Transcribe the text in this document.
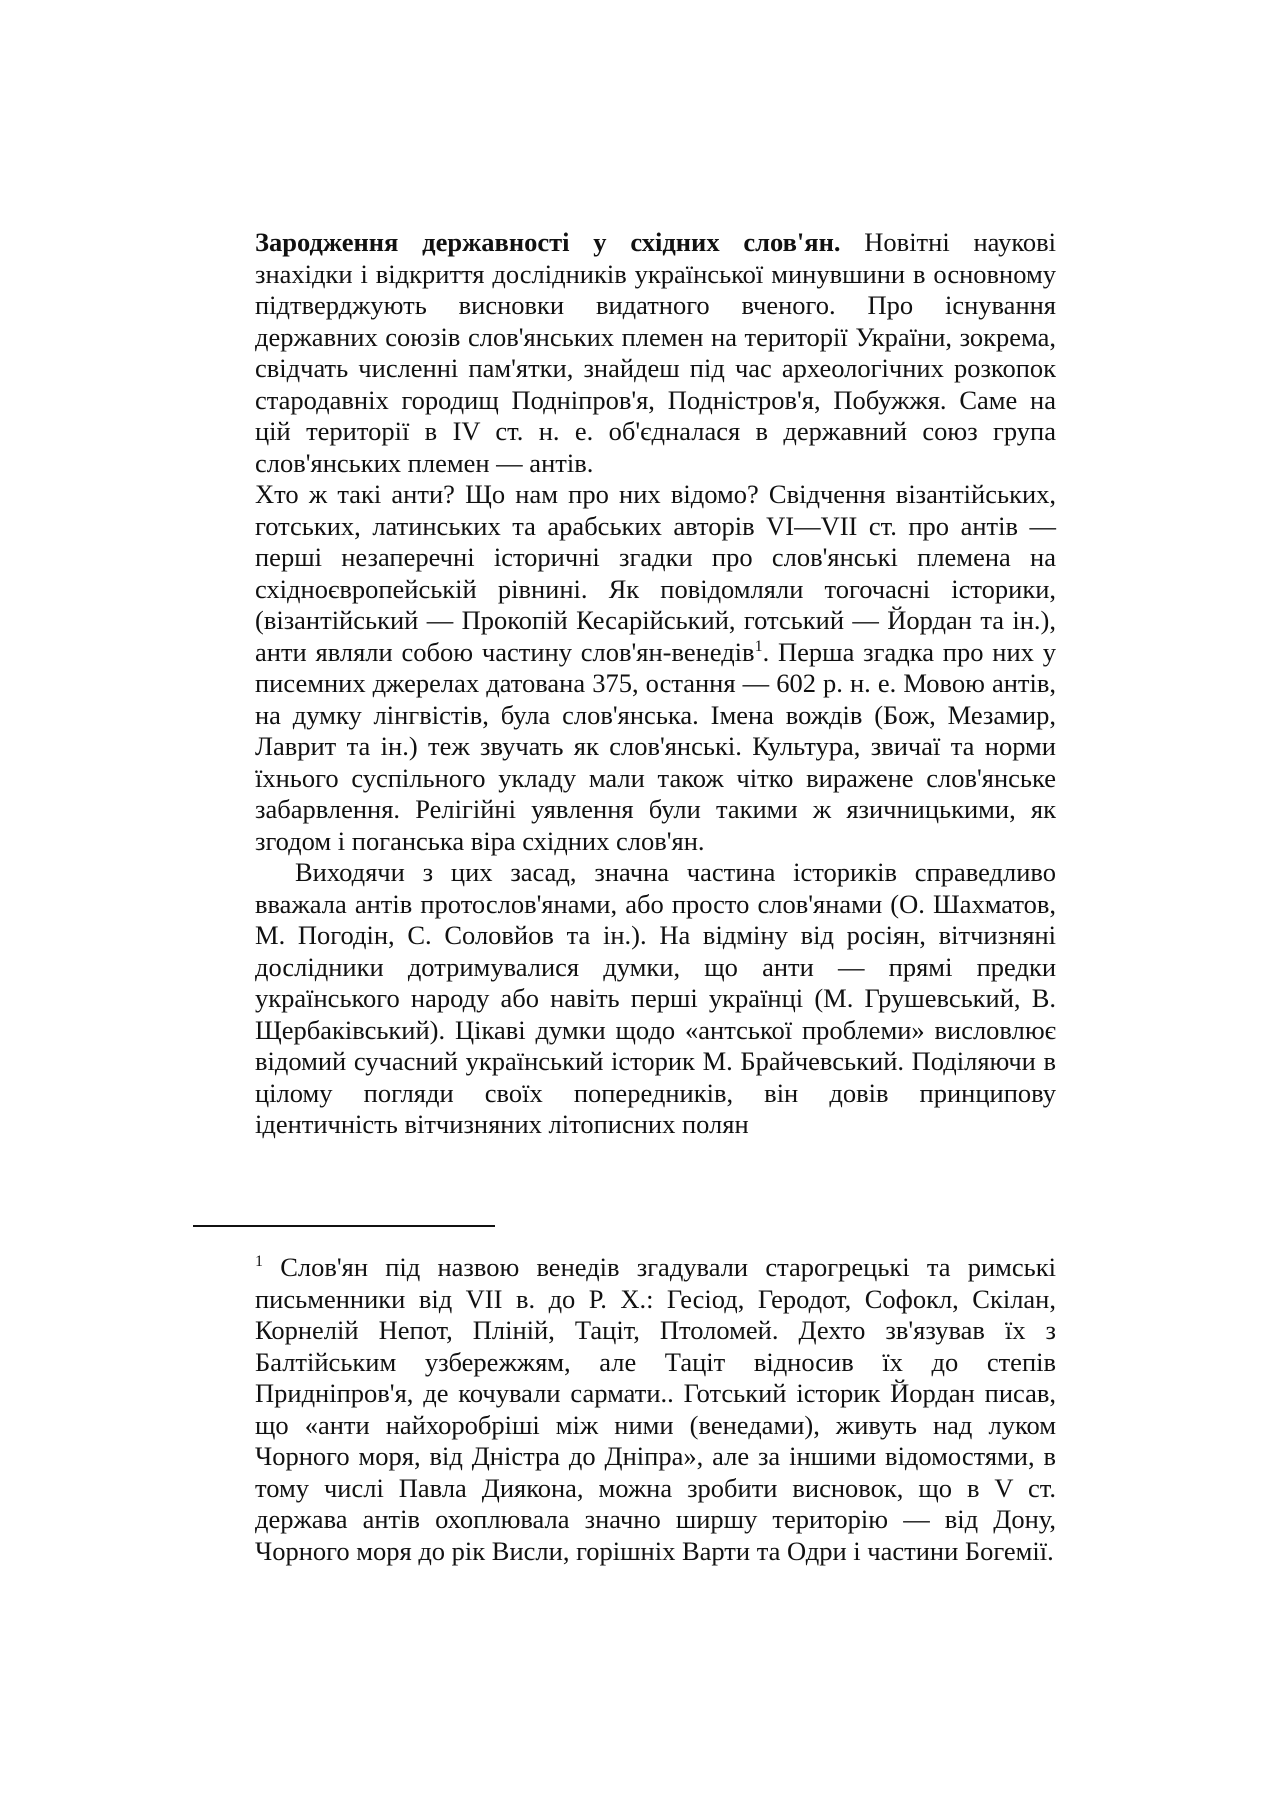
Зародження державності у східних слов'ян. Новітні наукові знахідки і відкриття дослідників української минувшини в основному підтверджують висновки видатного вченого. Про існування державних союзів слов'янських племен на території України, зокрема, свідчать численні пам'ятки, знайдеш під час археологічних розкопок стародавніх городищ Подніпров'я, Подністров'я, Побужжя. Саме на цій території в IV ст. н. е. об'єдналася в державний союз група слов'янських племен — антів.

Хто ж такі анти? Що нам про них відомо? Свідчення візантійських, готських, латинських та арабських авторів VI—VII ст. про антів — перші незаперечні історичні згадки про слов'янські племена на східноєвропейській рівнині. Як повідомляли тогочасні історики, (візантійський — Прокопій Кесарійський, готський — Йордан та ін.), анти являли собою частину слов'ян-венедів$^1$. Перша згадка про них у писемних джерелах датована 375, остання — 602 р. н. е. Мовою антів, на думку лінгвістів, була слов'янська. Імена вождів (Бож, Мезамир, Лаврит та ін.) теж звучать як слов'янські. Культура, звичаї та норми їхнього суспільного укладу мали також чітко виражене слов'янське забарвлення. Релігійні уявлення були такими ж язичницькими, як згодом і поганська віра східних слов'ян.

Виходячи з цих засад, значна частина істориків справедливо вважала антів протослов'янами, або просто слов'янами (О. Шахматов, М. Погодін, С. Соловйов та ін.). На відміну від росіян, вітчизняні дослідники дотримувалися думки, що анти — прямі предки українського народу або навіть перші українці (М. Грушевський, В. Щербаківський). Цікаві думки щодо «антської проблеми» висловлює відомий сучасний український історик М. Брайчевський. Поділяючи в цілому погляди своїх попередників, він довів принципову ідентичність вітчизняних літописних полян

$^1$ Слов'ян під назвою венедів згадували старогрецькі та римські письменники від VII в. до Р. Х.: Гесіод, Геродот, Софокл, Скілан, Корнелій Непот, Пліній, Таціт, Птоломей. Дехто зв'язував їх з Балтійським узбережжям, але Таціт відносив їх до степів Придніпров'я, де кочували сармати.. Готський історик Йордан писав, що «анти найхоробріші між ними (венедами), живуть над луком Чорного моря, від Дністра до Дніпра», але за іншими відомостями, в тому числі Павла Диякона, можна зробити висновок, що в V ст. держава антів охоплювала значно ширшу територію — від Дону, Чорного моря до рік Висли, горішніх Варти та Одри і частини Богемії.
